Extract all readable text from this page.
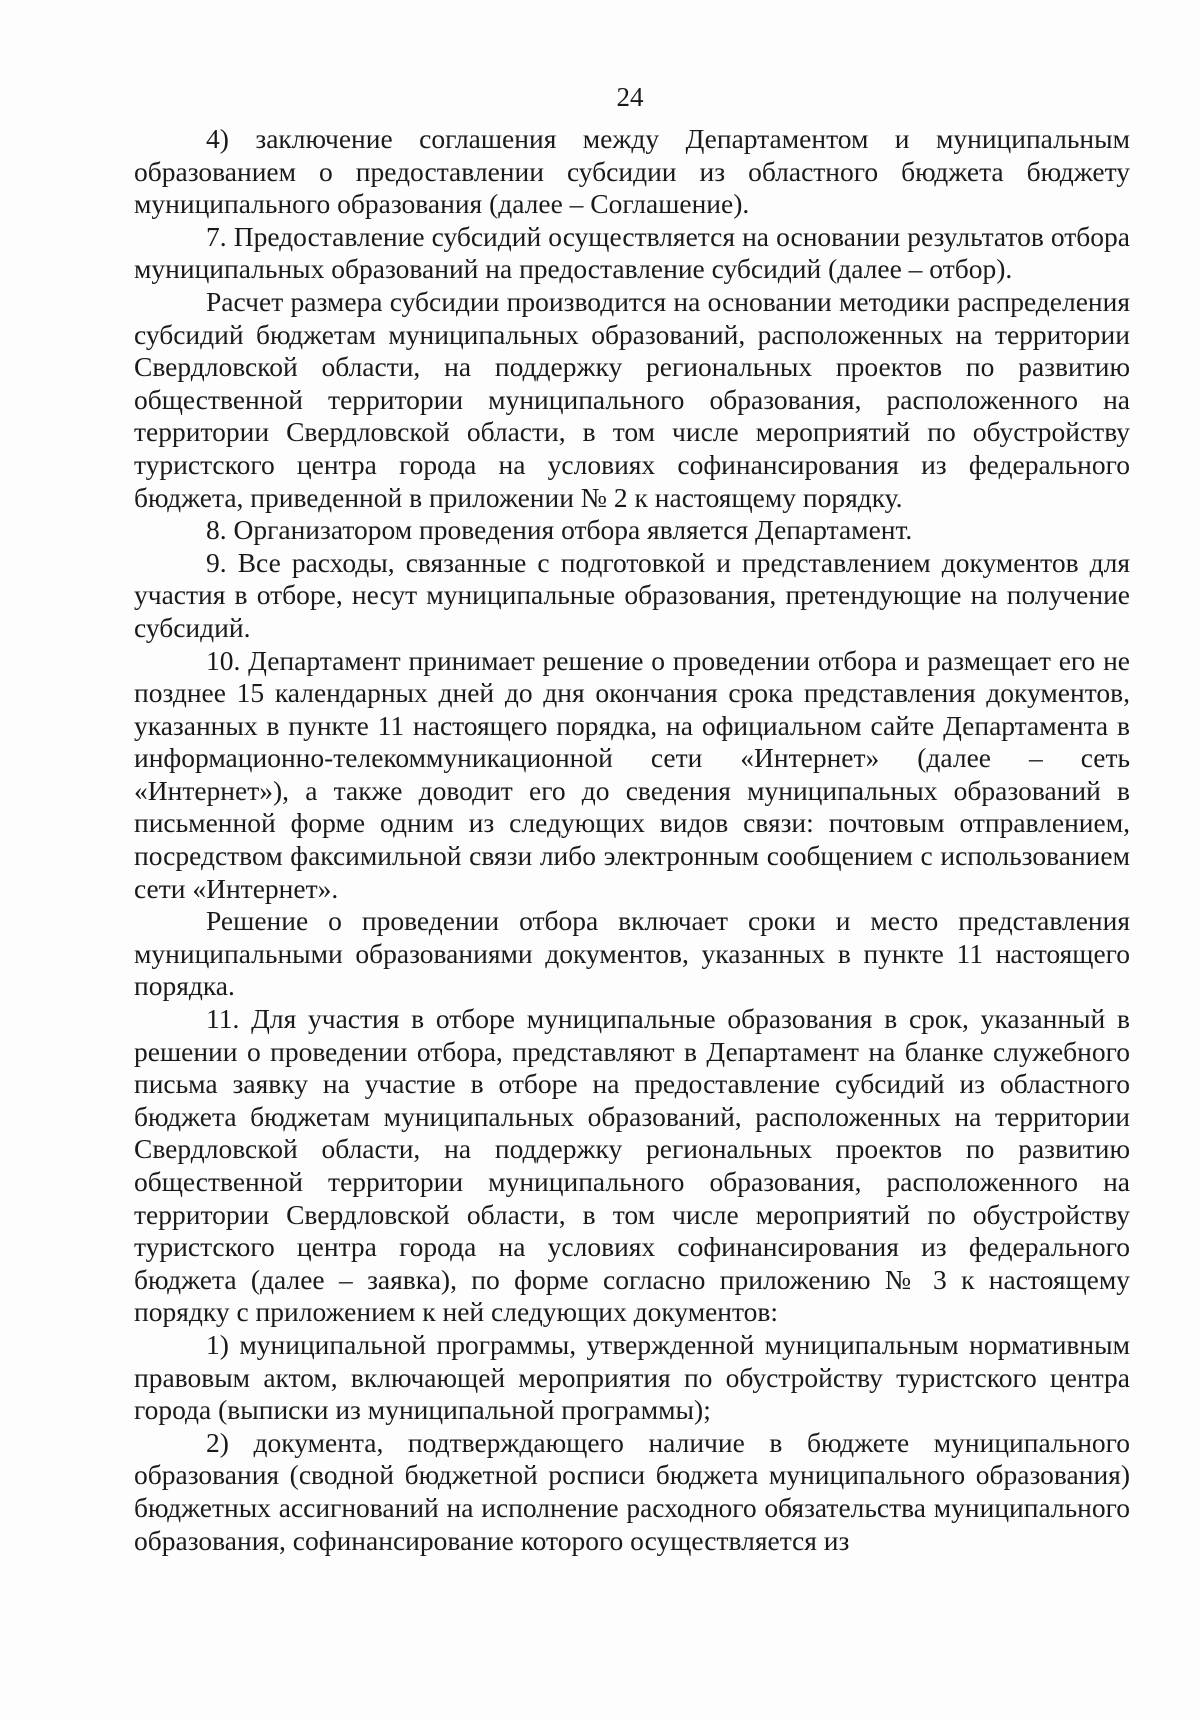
24

4) заключение соглашения между Департаментом и муниципальным образованием о предоставлении субсидии из областного бюджета бюджету муниципального образования (далее – Соглашение).

7. Предоставление субсидий осуществляется на основании результатов отбора муниципальных образований на предоставление субсидий (далее – отбор).

Расчет размера субсидии производится на основании методики распределения субсидий бюджетам муниципальных образований, расположенных на территории Свердловской области, на поддержку региональных проектов по развитию общественной территории муниципального образования, расположенного на территории Свердловской области, в том числе мероприятий по обустройству туристского центра города на условиях софинансирования из федерального бюджета, приведенной в приложении № 2 к настоящему порядку.

8. Организатором проведения отбора является Департамент.

9. Все расходы, связанные с подготовкой и представлением документов для участия в отборе, несут муниципальные образования, претендующие на получение субсидий.

10. Департамент принимает решение о проведении отбора и размещает его не позднее 15 календарных дней до дня окончания срока представления документов, указанных в пункте 11 настоящего порядка, на официальном сайте Департамента в информационно-телекоммуникационной сети «Интернет» (далее – сеть «Интернет»), а также доводит его до сведения муниципальных образований в письменной форме одним из следующих видов связи: почтовым отправлением, посредством факсимильной связи либо электронным сообщением с использованием сети «Интернет».

Решение о проведении отбора включает сроки и место представления муниципальными образованиями документов, указанных в пункте 11 настоящего порядка.

11. Для участия в отборе муниципальные образования в срок, указанный в решении о проведении отбора, представляют в Департамент на бланке служебного письма заявку на участие в отборе на предоставление субсидий из областного бюджета бюджетам муниципальных образований, расположенных на территории Свердловской области, на поддержку региональных проектов по развитию общественной территории муниципального образования, расположенного на территории Свердловской области, в том числе мероприятий по обустройству туристского центра города на условиях софинансирования из федерального бюджета (далее – заявка), по форме согласно приложению № 3 к настоящему порядку с приложением к ней следующих документов:

1) муниципальной программы, утвержденной муниципальным нормативным правовым актом, включающей мероприятия по обустройству туристского центра города (выписки из муниципальной программы);

2) документа, подтверждающего наличие в бюджете муниципального образования (сводной бюджетной росписи бюджета муниципального образования) бюджетных ассигнований на исполнение расходного обязательства муниципального образования, софинансирование которого осуществляется из
